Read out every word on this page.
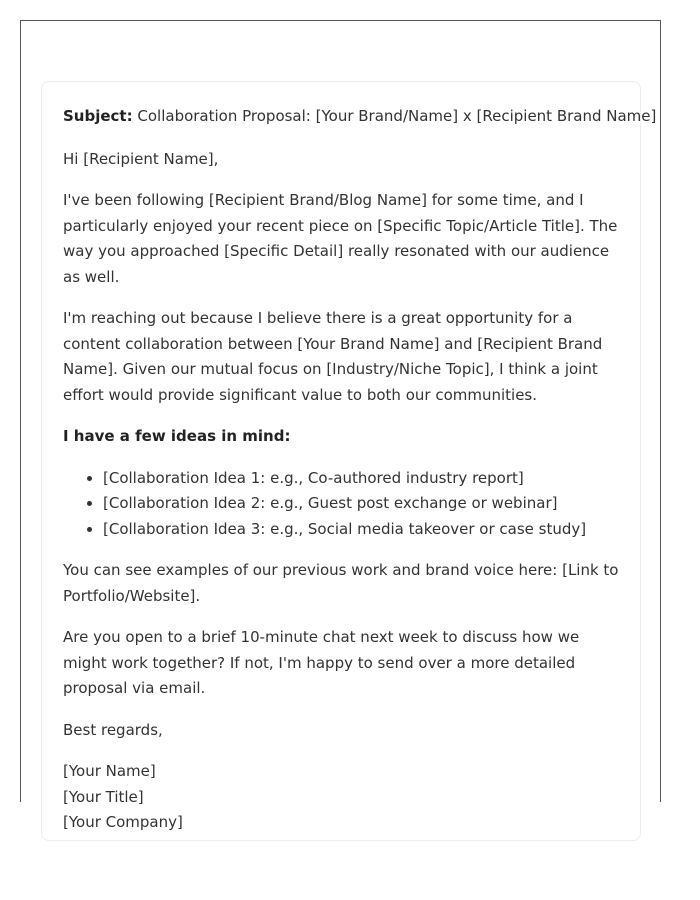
Subject: Collaboration Proposal: [Your Brand/Name] x [Recipient Brand Name]

Hi [Recipient Name],

I've been following [Recipient Brand/Blog Name] for some time, and I particularly enjoyed your recent piece on [Specific Topic/Article Title]. The way you approached [Specific Detail] really resonated with our audience as well.

I'm reaching out because I believe there is a great opportunity for a content collaboration between [Your Brand Name] and [Recipient Brand Name]. Given our mutual focus on [Industry/Niche Topic], I think a joint effort would provide significant value to both our communities.

I have a few ideas in mind:

• [Collaboration Idea 1: e.g., Co-authored industry report]
• [Collaboration Idea 2: e.g., Guest post exchange or webinar]
• [Collaboration Idea 3: e.g., Social media takeover or case study]

You can see examples of our previous work and brand voice here: [Link to Portfolio/Website].

Are you open to a brief 10-minute chat next week to discuss how we might work together? If not, I'm happy to send over a more detailed proposal via email.

Best regards,

[Your Name]
[Your Title]
[Your Company]
